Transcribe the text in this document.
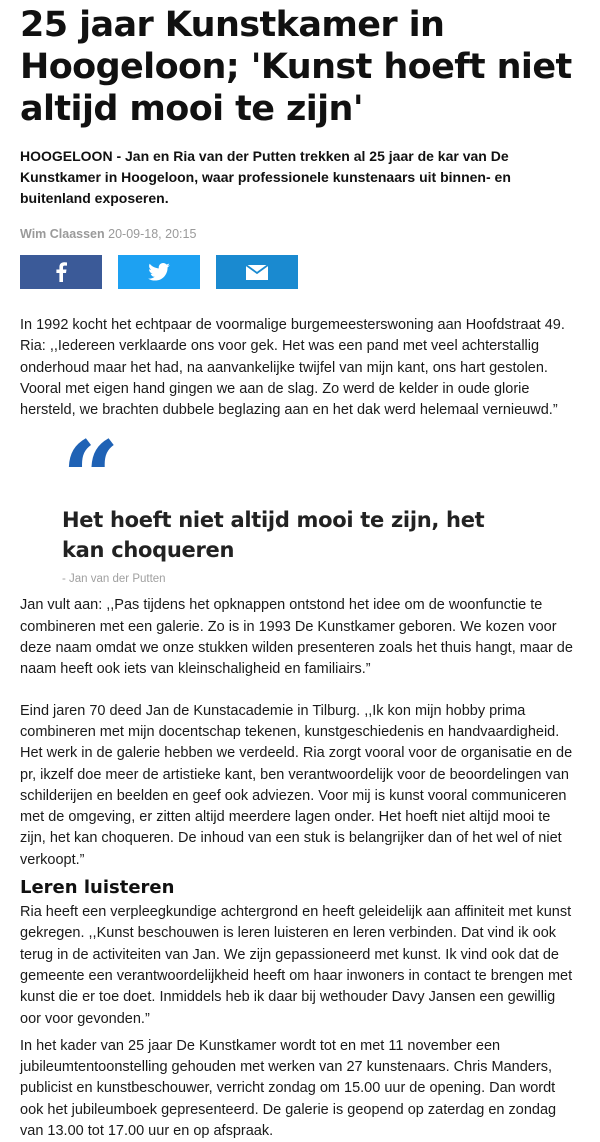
25 jaar Kunstkamer in Hoogeloon; 'Kunst hoeft niet altijd mooi te zijn'

HOOGELOON - Jan en Ria van der Putten trekken al 25 jaar de kar van De Kunstkamer in Hoogeloon, waar professionele kunstenaars uit binnen- en buitenland exposeren.

Wim Claassen 20-09-18, 20:15

In 1992 kocht het echtpaar de voormalige burgemeesterswoning aan Hoofdstraat 49. Ria: ,,Iedereen verklaarde ons voor gek. Het was een pand met veel achterstallig onderhoud maar het had, na aanvankelijke twijfel van mijn kant, ons hart gestolen. Vooral met eigen hand gingen we aan de slag. Zo werd de kelder in oude glorie hersteld, we brachten dubbele beglazing aan en het dak werd helemaal vernieuwd.”

“
Het hoeft niet altijd mooi te zijn, het kan choqueren
- Jan van der Putten

Jan vult aan: ,,Pas tijdens het opknappen ontstond het idee om de woonfunctie te combineren met een galerie. Zo is in 1993 De Kunstkamer geboren. We kozen voor deze naam omdat we onze stukken wilden presenteren zoals het thuis hangt, maar de naam heeft ook iets van kleinschaligheid en familiairs.”

Eind jaren 70 deed Jan de Kunstacademie in Tilburg. ,,Ik kon mijn hobby prima combineren met mijn docentschap tekenen, kunstgeschiedenis en handvaardigheid. Het werk in de galerie hebben we verdeeld. Ria zorgt vooral voor de organisatie en de pr, ikzelf doe meer de artistieke kant, ben verantwoordelijk voor de beoordelingen van schilderijen en beelden en geef ook adviezen. Voor mij is kunst vooral communiceren met de omgeving, er zitten altijd meerdere lagen onder. Het hoeft niet altijd mooi te zijn, het kan choqueren. De inhoud van een stuk is belangrijker dan of het wel of niet verkoopt.”

Leren luisteren

Ria heeft een verpleegkundige achtergrond en heeft geleidelijk aan affiniteit met kunst gekregen. ,,Kunst beschouwen is leren luisteren en leren verbinden. Dat vind ik ook terug in de activiteiten van Jan. We zijn gepassioneerd met kunst. Ik vind ook dat de gemeente een verantwoordelijkheid heeft om haar inwoners in contact te brengen met kunst die er toe doet. Inmiddels heb ik daar bij wethouder Davy Jansen een gewillig oor voor gevonden.”

In het kader van 25 jaar De Kunstkamer wordt tot en met 11 november een jubileumtentoonstelling gehouden met werken van 27 kunstenaars. Chris Manders, publicist en kunstbeschouwer, verricht zondag om 15.00 uur de opening. Dan wordt ook het jubileumboek gepresenteerd. De galerie is geopend op zaterdag en zondag van 13.00 tot 17.00 uur en op afspraak.
